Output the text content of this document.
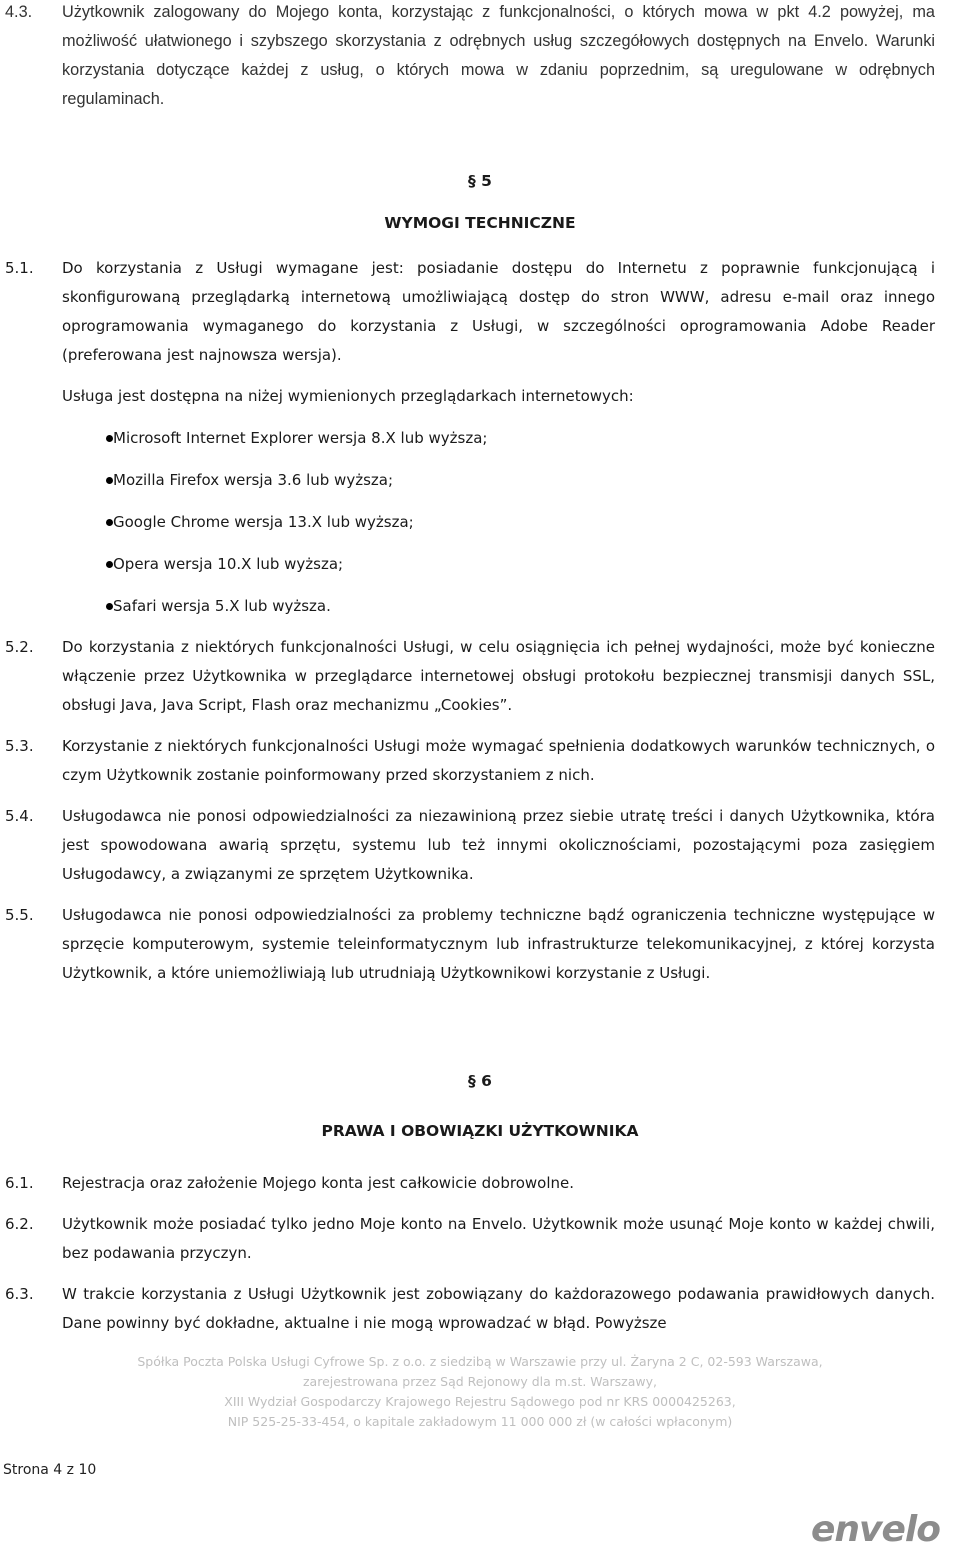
4.3. Użytkownik zalogowany do Mojego konta, korzystając z funkcjonalności, o których mowa w pkt 4.2 powyżej, ma możliwość ułatwionego i szybszego skorzystania z odrębnych usług szczegółowych dostępnych na Envelo. Warunki korzystania dotyczące każdej z usług, o których mowa w zdaniu poprzednim, są uregulowane w odrębnych regulaminach.
§ 5
WYMOGI TECHNICZNE
5.1. Do korzystania z Usługi wymagane jest: posiadanie dostępu do Internetu z poprawnie funkcjonującą i skonfigurowaną przeglądarką internetową umożliwiającą dostęp do stron WWW, adresu e-mail oraz innego oprogramowania wymaganego do korzystania z Usługi, w szczególności oprogramowania Adobe Reader (preferowana jest najnowsza wersja).
Usługa jest dostępna na niżej wymienionych przeglądarkach internetowych:
Microsoft Internet Explorer wersja 8.X lub wyższa;
Mozilla Firefox wersja 3.6 lub wyższa;
Google Chrome wersja 13.X lub wyższa;
Opera wersja 10.X lub wyższa;
Safari wersja 5.X lub wyższa.
5.2. Do korzystania z niektórych funkcjonalności Usługi, w celu osiągnięcia ich pełnej wydajności, może być konieczne włączenie przez Użytkownika w przeglądarce internetowej obsługi protokołu bezpiecznej transmisji danych SSL, obsługi Java, Java Script, Flash oraz mechanizmu „Cookies”.
5.3. Korzystanie z niektórych funkcjonalności Usługi może wymagać spełnienia dodatkowych warunków technicznych, o czym Użytkownik zostanie poinformowany przed skorzystaniem z nich.
5.4. Usługodawca nie ponosi odpowiedzialności za niezawinioną przez siebie utratę treści i danych Użytkownika, która jest spowodowana awarią sprzętu, systemu lub też innymi okolicznościami, pozostającymi poza zasięgiem Usługodawcy, a związanymi ze sprzętem Użytkownika.
5.5. Usługodawca nie ponosi odpowiedzialności za problemy techniczne bądź ograniczenia techniczne występujące w sprzęcie komputerowym, systemie teleinformatycznym lub infrastrukturze telekomunikacyjnej, z której korzysta Użytkownik, a które uniemożliwiają lub utrudniają Użytkownikowi korzystanie z Usługi.
§ 6
PRAWA I OBOWIĄZKI UŻYTKOWNIKA
6.1. Rejestracja oraz założenie Mojego konta jest całkowicie dobrowolne.
6.2. Użytkownik może posiadać tylko jedno Moje konto na Envelo. Użytkownik może usunąć Moje konto w każdej chwili, bez podawania przyczyn.
6.3. W trakcie korzystania z Usługi Użytkownik jest zobowiązany do każdorazowego podawania prawidłowych danych. Dane powinny być dokładne, aktualne i nie mogą wprowadzać w błąd. Powyższe
Spółka Poczta Polska Usługi Cyfrowe Sp. z o.o. z siedzibą w Warszawie przy ul. Żaryna 2 C, 02-593 Warszawa,
zarejestrowana przez Sąd Rejonowy dla m.st. Warszawy,
XIII Wydział Gospodarczy Krajowego Rejestru Sądowego pod nr KRS 0000425263,
NIP 525-25-33-454, o kapitale zakładowym 11 000 000 zł (w całości wpłaconym)
Strona 4 z 10
envelo
